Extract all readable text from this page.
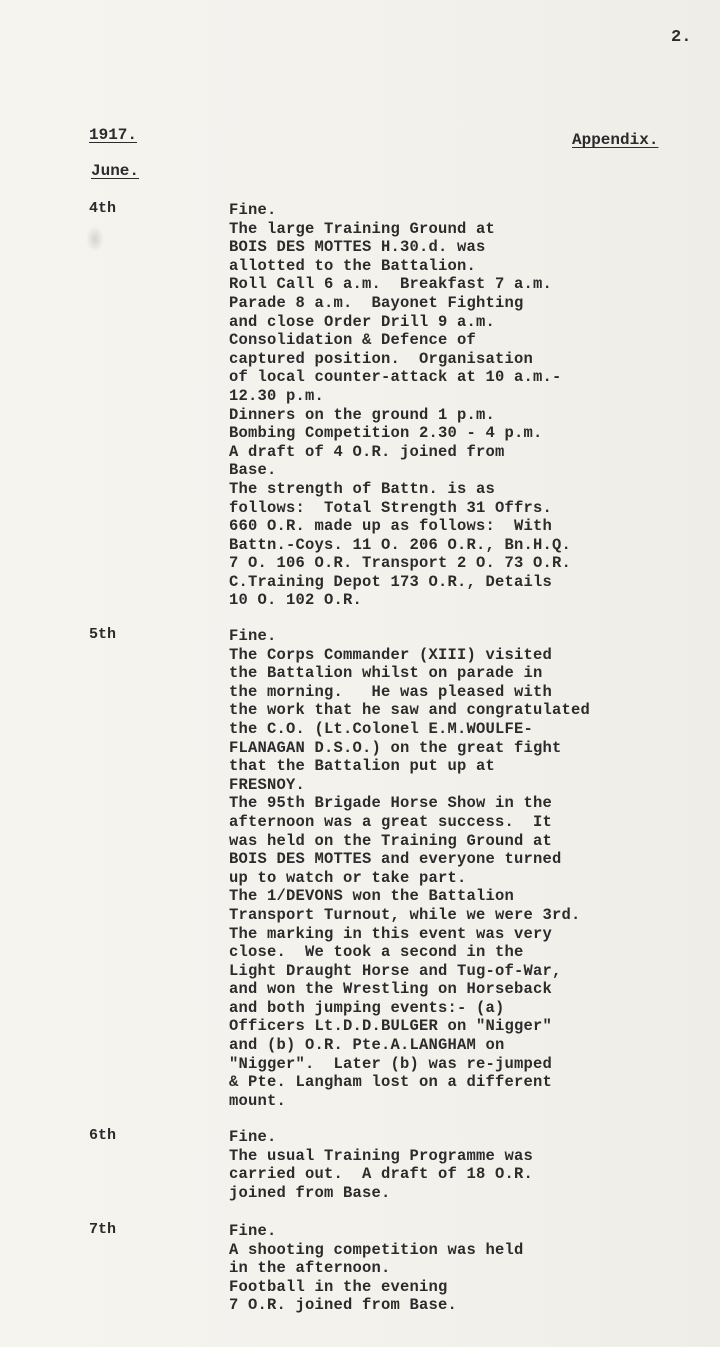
2.
1917.	Appendix.
June.
4th	Fine.
The large Training Ground at
BOIS DES MOTTES H.30.d. was
allotted to the Battalion.
Roll Call 6 a.m.  Breakfast 7 a.m.
Parade 8 a.m.  Bayonet Fighting
and close Order Drill 9 a.m.
Consolidation & Defence of
captured position.  Organisation
of local counter-attack at 10 a.m.-
12.30 p.m.
Dinners on the ground 1 p.m.
Bombing Competition 2.30 - 4 p.m.
A draft of 4 O.R. joined from
Base.
The strength of Battn. is as
follows:  Total Strength 31 Offrs.
660 O.R. made up as follows:  With
Battn.-Coys. 11 O. 206 O.R., Bn.H.Q.
7 O. 106 O.R. Transport 2 O. 73 O.R.
C.Training Depot 173 O.R., Details
10 O. 102 O.R.
5th	Fine.
The Corps Commander (XIII) visited
the Battalion whilst on parade in
the morning.   He was pleased with
the work that he saw and congratulated
the C.O. (Lt.Colonel E.M.WOULFE-
FLANAGAN D.S.O.) on the great fight
that the Battalion put up at
FRESNOY.
The 95th Brigade Horse Show in the
afternoon was a great success.  It
was held on the Training Ground at
BOIS DES MOTTES and everyone turned
up to watch or take part.
The 1/DEVONS won the Battalion
Transport Turnout, while we were 3rd.
The marking in this event was very
close.  We took a second in the
Light Draught Horse and Tug-of-War,
and won the Wrestling on Horseback
and both jumping events:- (a)
Officers Lt.D.D.BULGER on "Nigger"
and (b) O.R. Pte.A.LANGHAM on
"Nigger".  Later (b) was re-jumped
& Pte. Langham lost on a different
mount.
6th	Fine.
The usual Training Programme was
carried out.  A draft of 18 O.R.
joined from Base.
7th	Fine.
A shooting competition was held
in the afternoon.
Football in the evening
7 O.R. joined from Base.
